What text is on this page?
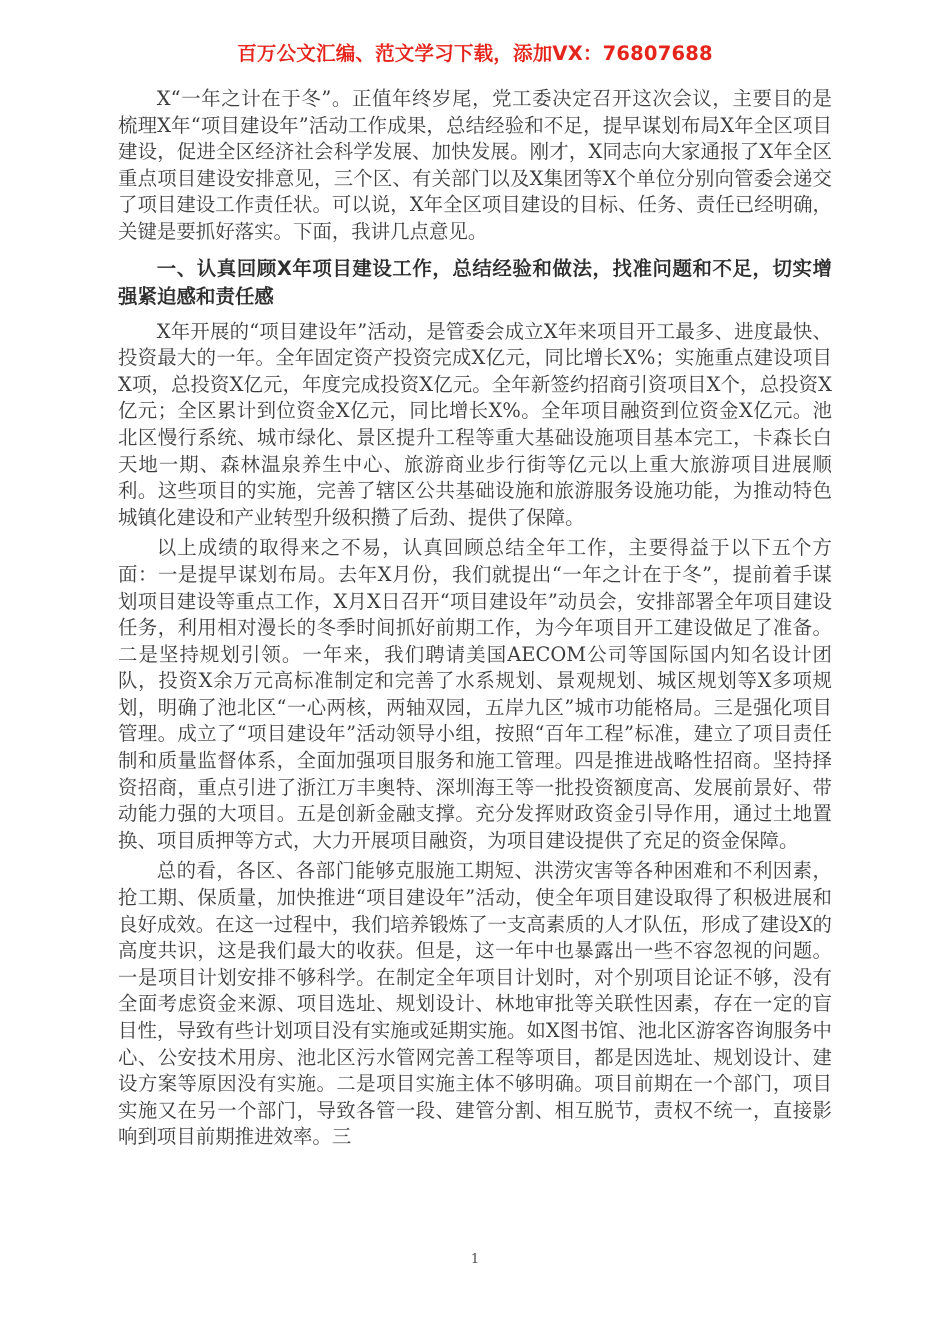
百万公文汇编、范文学习下载，添加VX：76807688

X“一年之计在于冬”。正值年终岁尾，党工委决定召开这次会议，主要目的是梳理X年“项目建设年”活动工作成果，总结经验和不足，提早谋划布局X年全区项目建设，促进全区经济社会科学发展、加快发展。刚才，X同志向大家通报了X年全区重点项目建设安排意见，三个区、有关部门以及X集团等X个单位分别向管委会递交了项目建设工作责任状。可以说，X年全区项目建设的目标、任务、责任已经明确，关键是要抓好落实。下面，我讲几点意见。

一、认真回顾X年项目建设工作，总结经验和做法，找准问题和不足，切实增强紧迫感和责任感

X年开展的“项目建设年”活动，是管委会成立X年来项目开工最多、进度最快、投资最大的一年。全年固定资产投资完成X亿元，同比增长X%；实施重点建设项目X项，总投资X亿元，年度完成投资X亿元。全年新签约招商引资项目X个，总投资X亿元；全区累计到位资金X亿元，同比增长X%。全年项目融资到位资金X亿元。池北区慢行系统、城市绿化、景区提升工程等重大基础设施项目基本完工，卡森长白天地一期、森林温泉养生中心、旅游商业步行街等亿元以上重大旅游项目进展顺利。这些项目的实施，完善了辖区公共基础设施和旅游服务设施功能，为推动特色城镇化建设和产业转型升级积攒了后劲、提供了保障。

以上成绩的取得来之不易，认真回顾总结全年工作，主要得益于以下五个方面：一是提早谋划布局。去年X月份，我们就提出“一年之计在于冬”，提前着手谋划项目建设等重点工作，X月X日召开“项目建设年”动员会，安排部署全年项目建设任务，利用相对漫长的冬季时间抓好前期工作，为今年项目开工建设做足了准备。二是坚持规划引领。一年来，我们聘请美国AECOM公司等国际国内知名设计团队，投资X余万元高标准制定和完善了水系规划、景观规划、城区规划等X多项规划，明确了池北区“一心两核，两轴双园，五岸九区”城市功能格局。三是强化项目管理。成立了“项目建设年”活动领导小组，按照“百年工程”标准，建立了项目责任制和质量监督体系，全面加强项目服务和施工管理。四是推进战略性招商。坚持择资招商，重点引进了浙江万丰奥特、深圳海王等一批投资额度高、发展前景好、带动能力强的大项目。五是创新金融支撑。充分发挥财政资金引导作用，通过土地置换、项目质押等方式，大力开展项目融资，为项目建设提供了充足的资金保障。

总的看，各区、各部门能够克服施工期短、洪涝灾害等各种困难和不利因素，抢工期、保质量，加快推进“项目建设年”活动，使全年项目建设取得了积极进展和良好成效。在这一过程中，我们培养锻炼了一支高素质的人才队伍，形成了建设X的高度共识，这是我们最大的收获。但是，这一年中也暴露出一些不容忽视的问题。一是项目计划安排不够科学。在制定全年项目计划时，对个别项目论证不够，没有全面考虑资金来源、项目选址、规划设计、林地审批等关联性因素，存在一定的盲目性，导致有些计划项目没有实施或延期实施。如X图书馆、池北区游客咨询服务中心、公安技术用房、池北区污水管网完善工程等项目，都是因选址、规划设计、建设方案等原因没有实施。二是项目实施主体不够明确。项目前期在一个部门，项目实施又在另一个部门，导致各管一段、建管分割、相互脱节，责权不统一，直接影响到项目前期推进效率。三

1
